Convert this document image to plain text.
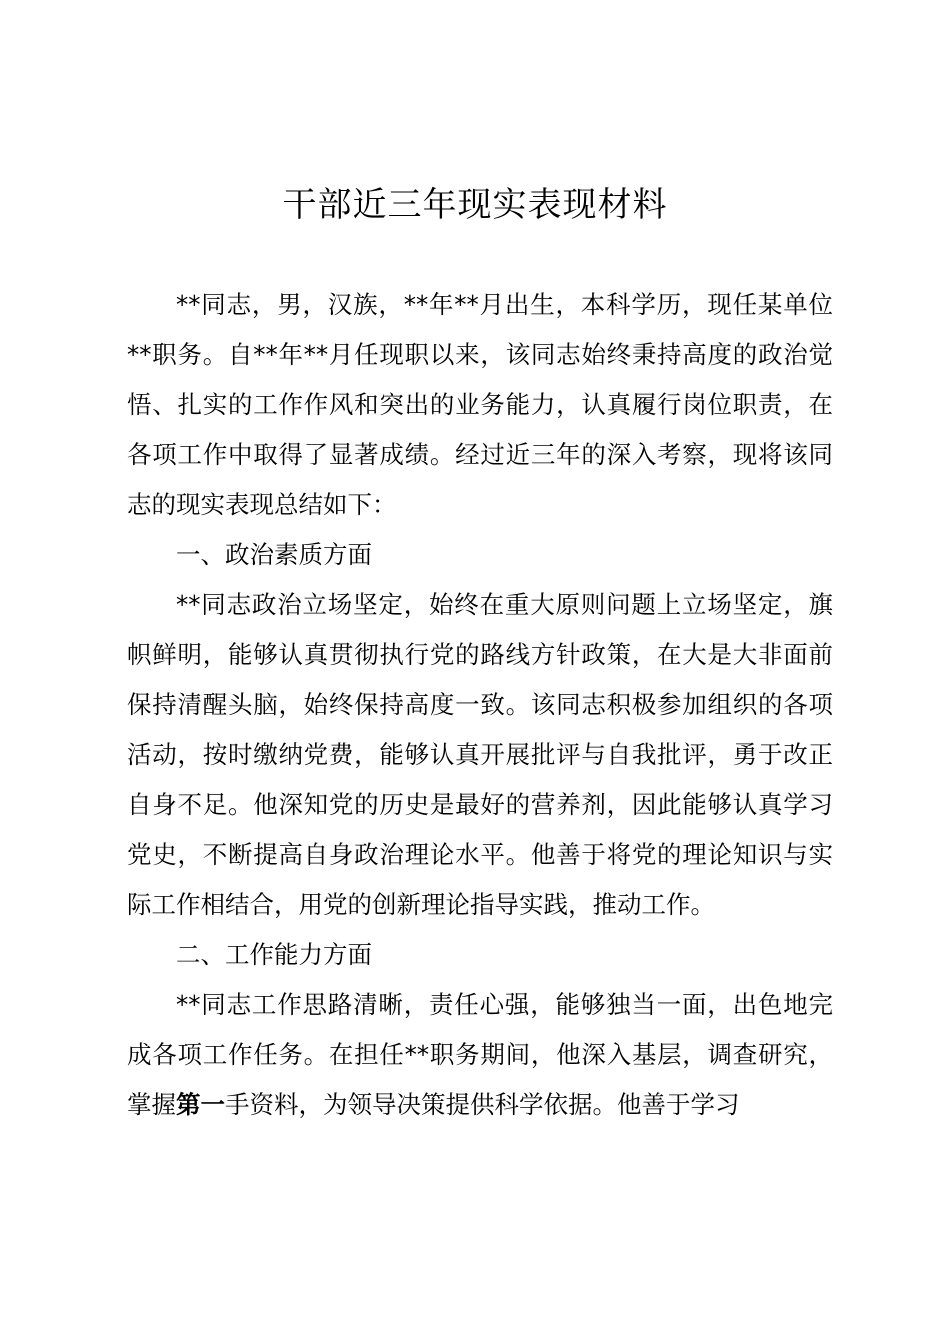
干部近三年现实表现材料

**同志，男，汉族，**年**月出生，本科学历，现任某单位**职务。自**年**月任现职以来，该同志始终秉持高度的政治觉悟、扎实的工作作风和突出的业务能力，认真履行岗位职责，在各项工作中取得了显著成绩。经过近三年的深入考察，现将该同志的现实表现总结如下：

一、政治素质方面

**同志政治立场坚定，始终在重大原则问题上立场坚定，旗帜鲜明，能够认真贯彻执行党的路线方针政策，在大是大非面前保持清醒头脑，始终保持高度一致。该同志积极参加组织的各项活动，按时缴纳党费，能够认真开展批评与自我批评，勇于改正自身不足。他深知党的历史是最好的营养剂，因此能够认真学习党史，不断提高自身政治理论水平。他善于将党的理论知识与实际工作相结合，用党的创新理论指导实践，推动工作。

二、工作能力方面

**同志工作思路清晰，责任心强，能够独当一面，出色地完成各项工作任务。在担任**职务期间，他深入基层，调查研究，掌握第一手资料，为领导决策提供科学依据。他善于学习
